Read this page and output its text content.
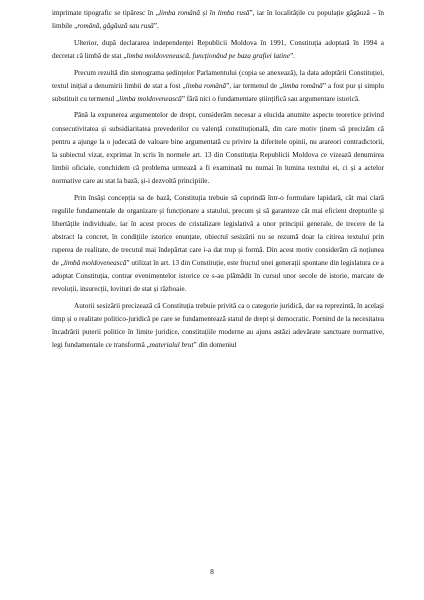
imprimate tipografic se tipăresc în „limba română și în limba rusă”, iar în localitățile cu populație găgăuză – în limbile „română, găgăuză sau rusă”.

Ulterior, după declararea independenței Republicii Moldova în 1991, Constituția adoptată în 1994 a decretat că limbă de stat „limba moldovenească, funcționând pe baza grafiei latine”.

Precum rezultă din stenograma ședințelor Parlamentului (copia se anexează), la data adoptării Constituției, textul inițial a denumirii limbii de stat a fost „limba română”, iar termenul de „limba română” a fost pur și simplu substituit cu termenul „limba moldovenească” fără nici o fundamentare științifică sau argumentare istorică.

Până la expunerea argumentelor de drept, considerăm necesar a elucida anumite aspecte teoretice privind consecutivitatea și subsidiaritatea prevederilor cu valență constituțională, din care motiv ținem să precizăm că pentru a ajunge la o judecată de valoare bine argumentată cu privire la diferitele opinii, nu arareori contradictorii, la subiectul vizat, exprimat în scris în normele art. 13 din Constituția Republicii Moldova ce vizează denumirea limbii oficiale, conchidem că problema urmează a fi examinată nu numai în lumina textului ei, ci și a actelor normative care au stat la bază, și-i dezvoltă principiile.

Prin însăși concepția sa de bază, Constituția trebuie să cuprindă într-o formulare lapidară, cât mai clară regulile fundamentale de organizare și funcționare a statului, precum și să garanteze cât mai eficient drepturile și libertățile individuale, iar în acest proces de cristalizare legislativă a unor principii generale, de trecere de la abstract la concret, în condițiile istorice enunțate, obiectul sesizării nu se rezumă doar la citirea textului prin ruperea de realitate, de trecutul mai îndepărtat care i-a dat trup și formă. Din acest motiv considerăm că noțiunea de „limbă moldovenească” utilizat în art. 13 din Constituție, este fructul unei generații spontane din legislatura ce a adoptat Constituția, contrar evenimentelor istorice ce s-au plămădit în cursul unor secole de istorie, marcate de revoluții, insurecții, lovituri de stat și războaie.

Autorii sesizării precizează că Constituția trebuie privită ca o categorie juridică, dar ea reprezintă, în același timp și o realitate politico-juridică pe care se fundamentează statul de drept și democratic. Pornind de la necesitatea încadrării puterii politice în limite juridice, constituțiile moderne au ajuns astăzi adevărate sanctuare normative, legi fundamentale ce transformă „materialul brut” din domeniul

8
